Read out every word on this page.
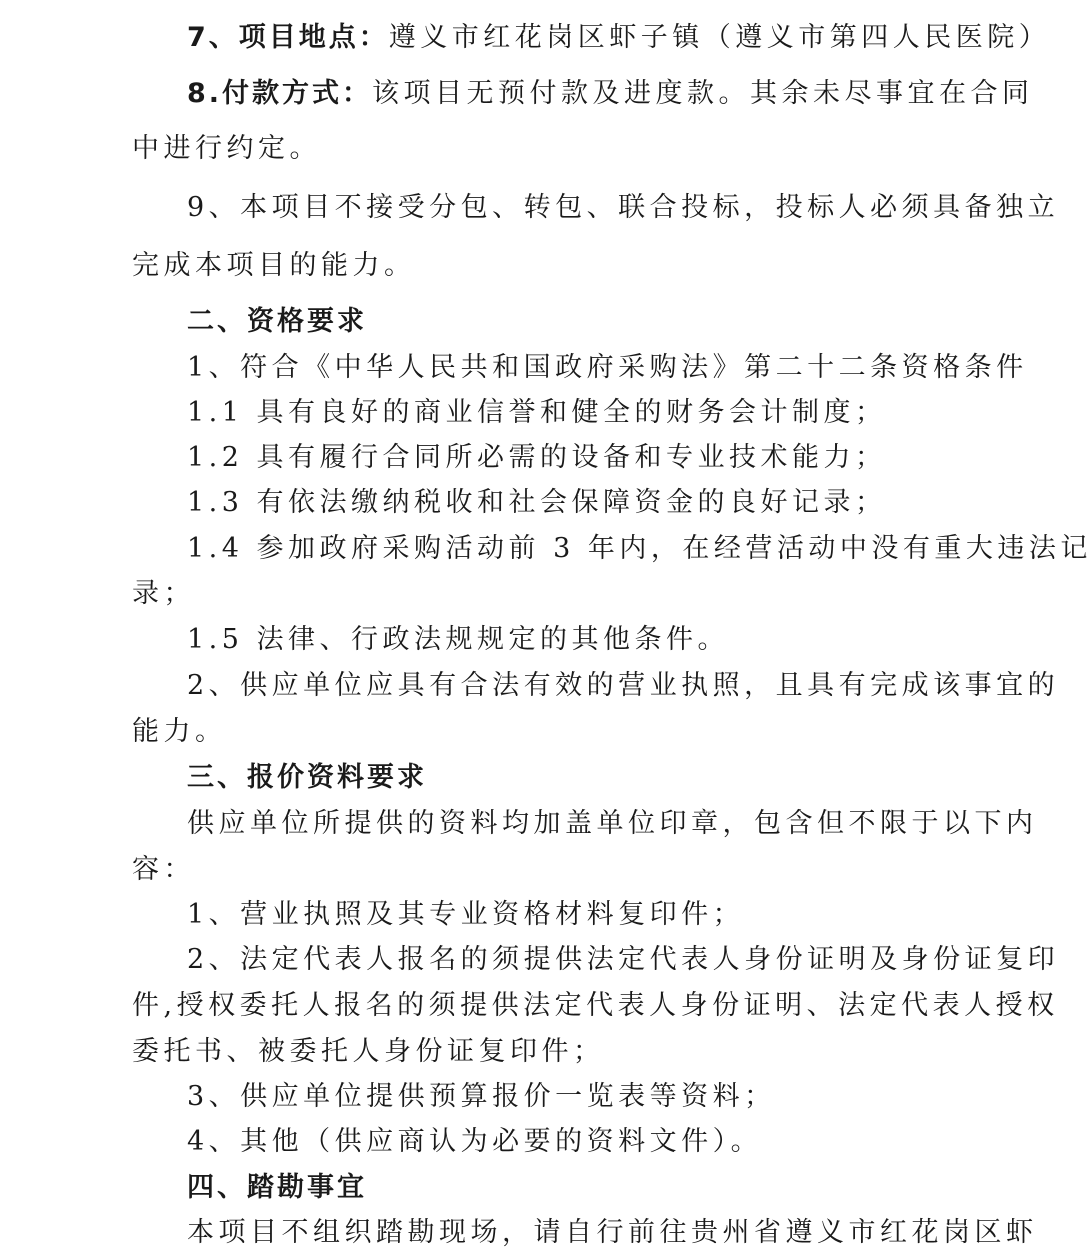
7、项目地点：遵义市红花岗区虾子镇（遵义市第四人民医院）
8.付款方式：该项目无预付款及进度款。其余未尽事宜在合同
中进行约定。
9、本项目不接受分包、转包、联合投标，投标人必须具备独立
完成本项目的能力。
二、资格要求
1、符合《中华人民共和国政府采购法》第二十二条资格条件
1.1 具有良好的商业信誉和健全的财务会计制度；
1.2 具有履行合同所必需的设备和专业技术能力；
1.3 有依法缴纳税收和社会保障资金的良好记录；
1.4 参加政府采购活动前 3 年内，在经营活动中没有重大违法记
录；
1.5 法律、行政法规规定的其他条件。
2、供应单位应具有合法有效的营业执照，且具有完成该事宜的
能力。
三、报价资料要求
供应单位所提供的资料均加盖单位印章，包含但不限于以下内
容：
1、营业执照及其专业资格材料复印件；
2、法定代表人报名的须提供法定代表人身份证明及身份证复印
件,授权委托人报名的须提供法定代表人身份证明、法定代表人授权
委托书、被委托人身份证复印件；
3、供应单位提供预算报价一览表等资料；
4、其他（供应商认为必要的资料文件）。
四、踏勘事宜
本项目不组织踏勘现场，请自行前往贵州省遵义市红花岗区虾
